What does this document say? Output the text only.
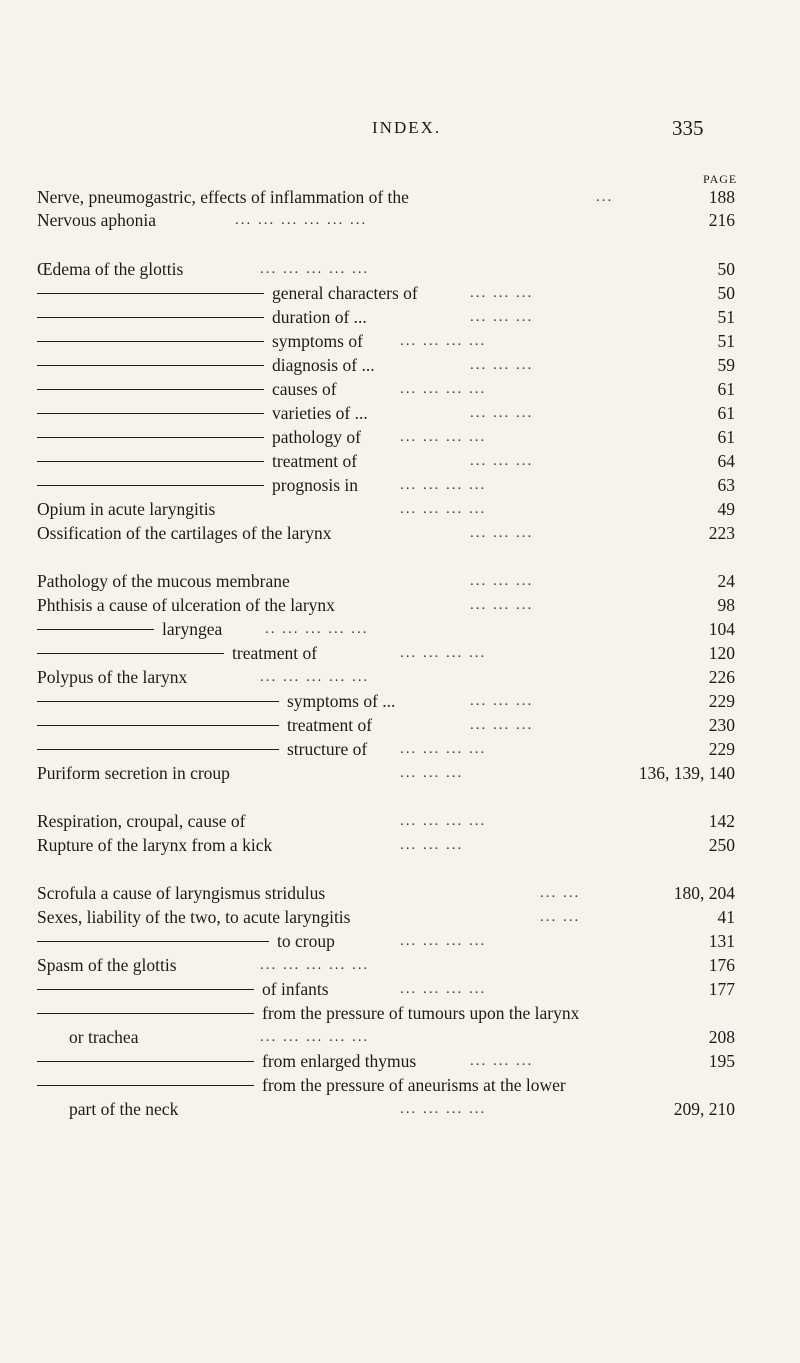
INDEX.	335
PAGE
Nerve, pneumogastric, effects of inflammation of the	...	188
Nervous aphonia	... ... ... ... ... ...	216
Œdema of the glottis	... ... ... ... ...	50
general characters of	... ... ...	50
duration of ...	... ... ...	51
symptoms of ... ... ... ...	51
diagnosis of ...	... ... ...	59
causes of	... ... ... ...	61
varieties of ...	... ... ...	61
pathology of	... ... ... ...	61
treatment of	... ... ...	64
prognosis in	... ... ... ...	63
Opium in acute laryngitis	... ... ... ...	49
Ossification of the cartilages of the larynx	... ... ...	223
Pathology of the mucous membrane	... ... ...	24
Phthisis a cause of ulceration of the larynx	... ... ...	98
laryngea	.. ... ... ... ...	104
treatment of	... ... ... ...	120
Polypus of the larynx	... ... ... ... ...	226
symptoms of ...	... ... ...	229
treatment of	... ... ...	230
structure of ... ... ... ...	229
Puriform secretion in croup	... ... ...	136, 139, 140
Respiration, croupal, cause of	... ... ... ...	142
Rupture of the larynx from a kick	... ... ...	250
Scrofula a cause of laryngismus stridulus	... ...	180, 204
Sexes, liability of the two, to acute laryngitis	... ...	41
to croup	... ... ... ...	131
Spasm of the glottis	... ... ... ... ...	176
of infants	... ... ... ...	177
from the pressure of tumours upon the larynx
or trachea	... ... ... ... ...	208
from enlarged thymus	... ... ...	195
from the pressure of aneurisms at the lower
part of the neck	... ... ... ...	209, 210
